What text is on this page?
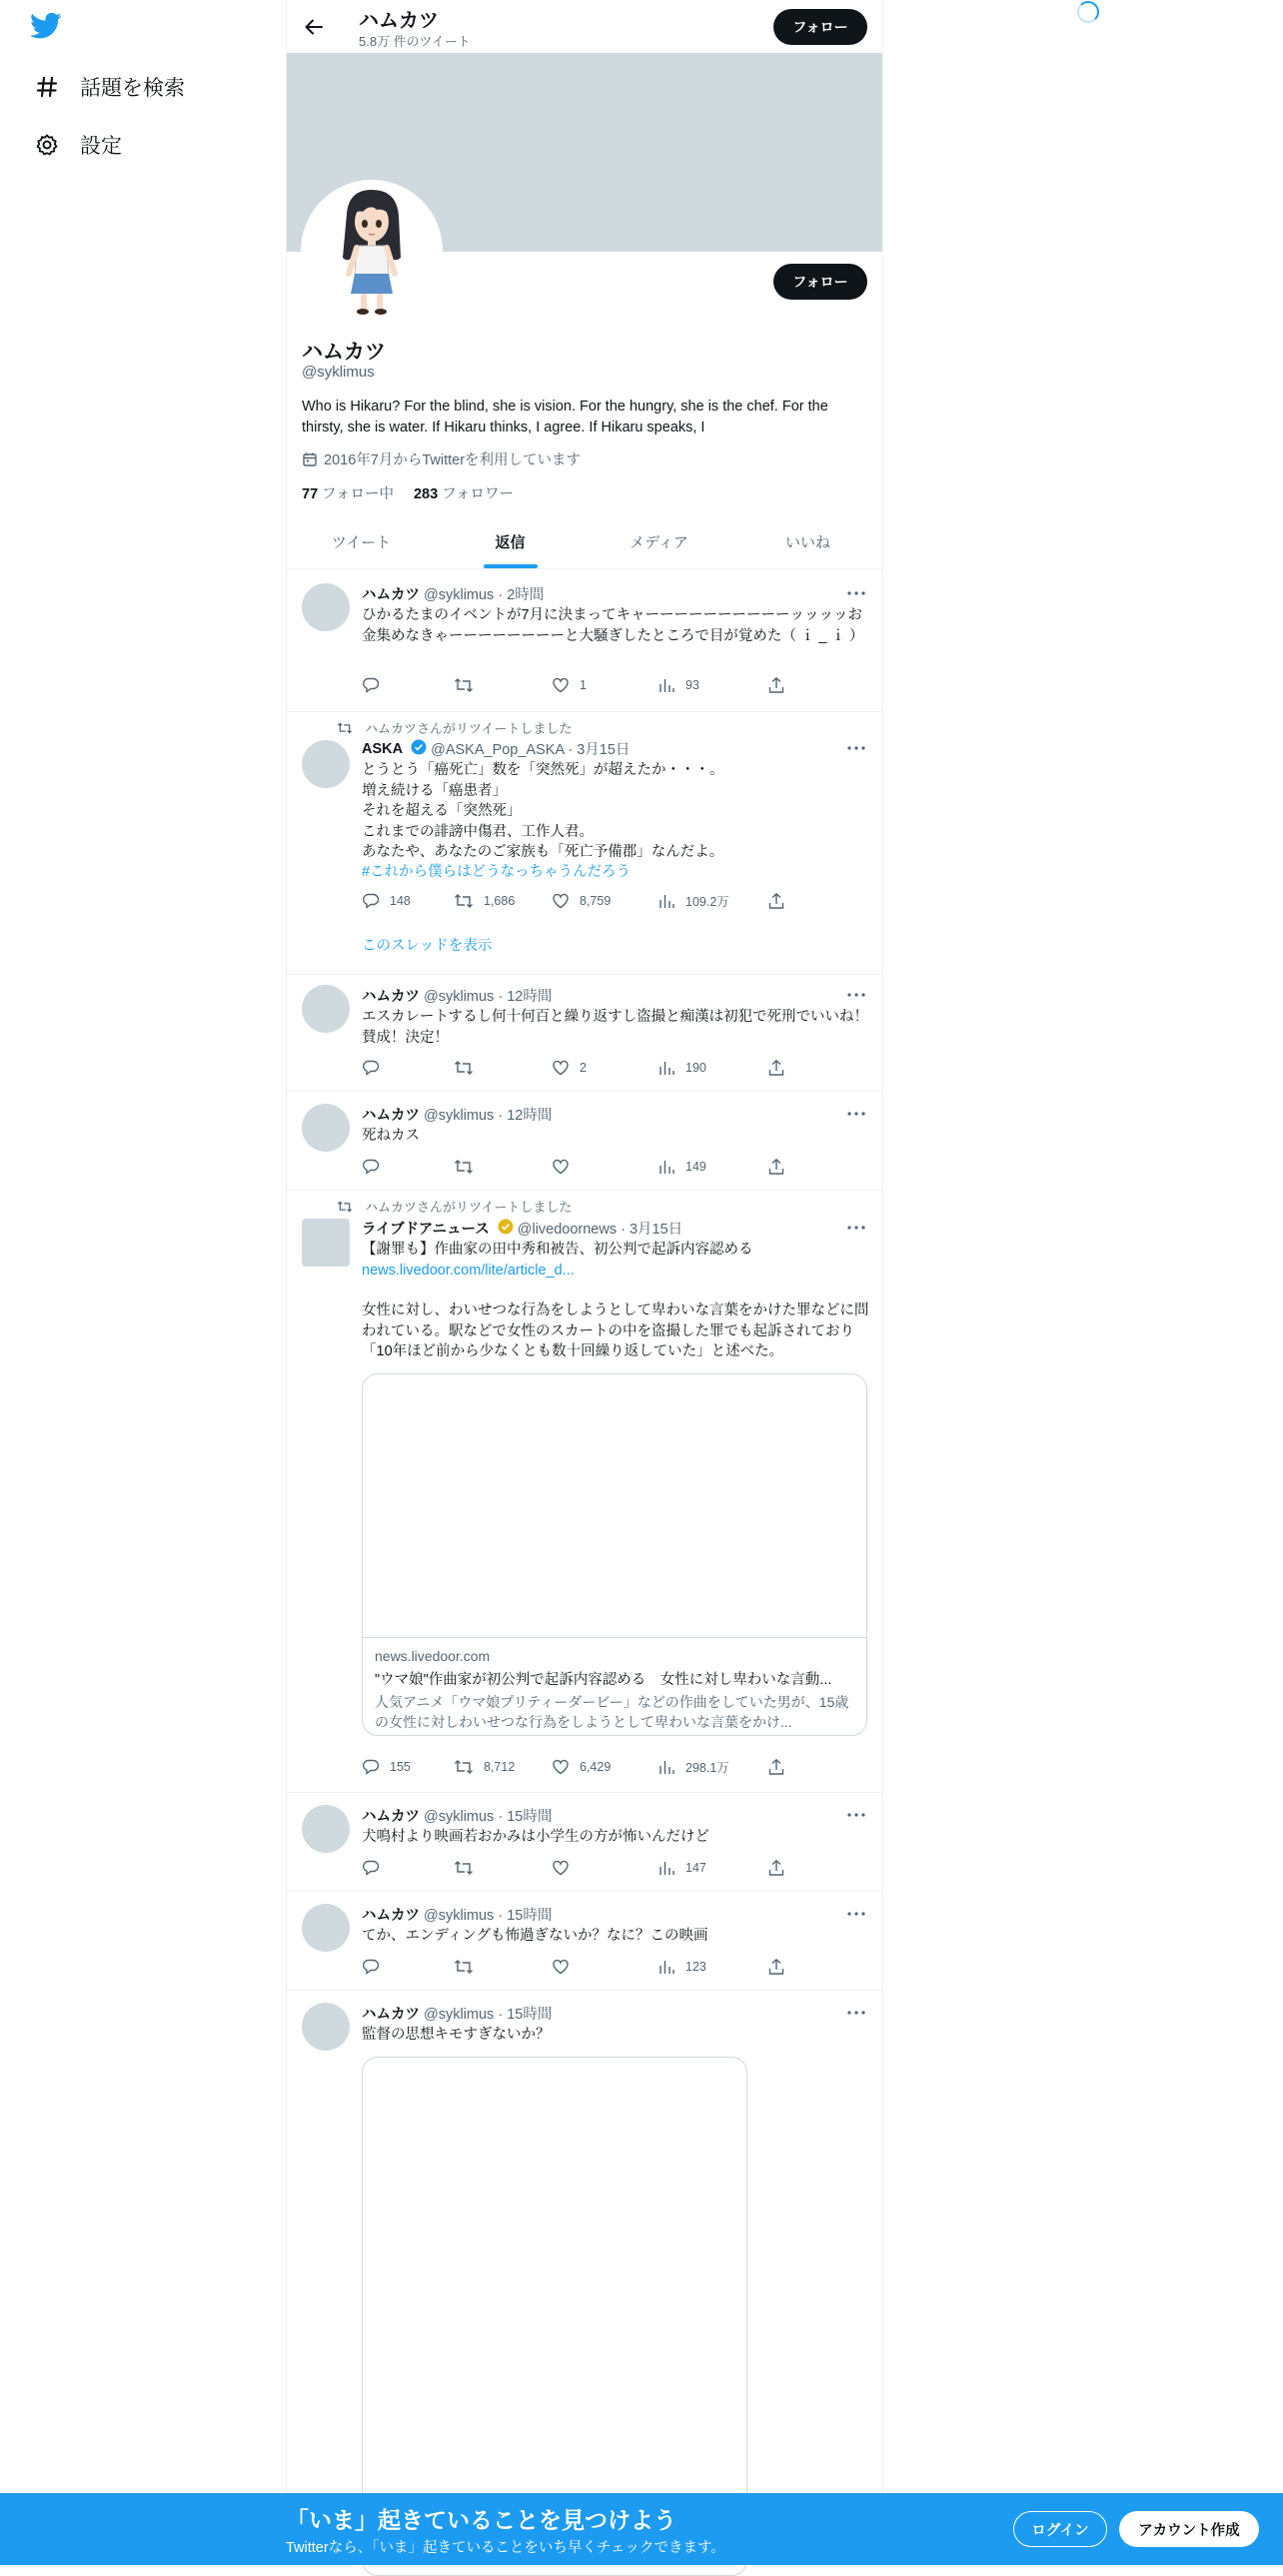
話題を検索
設定
ハムカツ
5.8万 件のツイート
フォロー
フォロー
ハムカツ
@syklimus
Who is Hikaru? For the blind, she is vision. For the hungry, she is the chef. For the thirsty, she is water. If Hikaru thinks, I agree. If Hikaru speaks, I
2016年7月からTwitterを利用しています
77 フォロー中 283 フォロワー
ツイート	返信	メディア	いいね
ハムカツ @syklimus · 2時間
ひかるたまのイベントが7月に決まってキャーーーーーーーーーーッッッッお金集めなきゃーーーーーーーーと大騒ぎしたところで目が覚めた（ ｉ _ ｉ ）
1	93
ハムカツさんがリツイートしました
ASKA @ASKA_Pop_ASKA · 3月15日
とうとう「癌死亡」数を「突然死」が超えたか・・・。
増え続ける「癌患者」
それを超える「突然死」
これまでの誹謗中傷君、工作人君。
あなたや、あなたのご家族も「死亡予備郡」なんだよ。
#これから僕らはどうなっちゃうんだろう
148	1,686	8,759	109.2万
このスレッドを表示
ハムカツ @syklimus · 12時間
エスカレートするし何十何百と繰り返すし盗撮と痴漢は初犯で死刑でいいね！賛成！決定！
2	190
ハムカツ @syklimus · 12時間
死ねカス
149
ハムカツさんがリツイートしました
ライブドアニュース @livedoornews · 3月15日
【謝罪も】作曲家の田中秀和被告、初公判で起訴内容認める
news.livedoor.com/lite/article_d...
女性に対し、わいせつな行為をしようとして卑わいな言葉をかけた罪などに問われている。駅などで女性のスカートの中を盗撮した罪でも起訴されており「10年ほど前から少なくとも数十回繰り返していた」と述べた。
news.livedoor.com
"ウマ娘"作曲家が初公判で起訴内容認める　女性に対し卑わいな言動...
人気アニメ「ウマ娘プリティーダービー」などの作曲をしていた男が、15歳の女性に対しわいせつな行為をしようとして卑わいな言葉をかけ...
155	8,712	6,429	298.1万
ハムカツ @syklimus · 15時間
犬鳴村より映画若おかみは小学生の方が怖いんだけど
147
ハムカツ @syklimus · 15時間
てか、エンディングも怖過ぎないか？なに？この映画
123
ハムカツ @syklimus · 15時間
監督の思想キモすぎないか？
「いま」起きていることを見つけよう
Twitterなら、「いま」起きていることをいち早くチェックできます。
ログイン	アカウント作成
